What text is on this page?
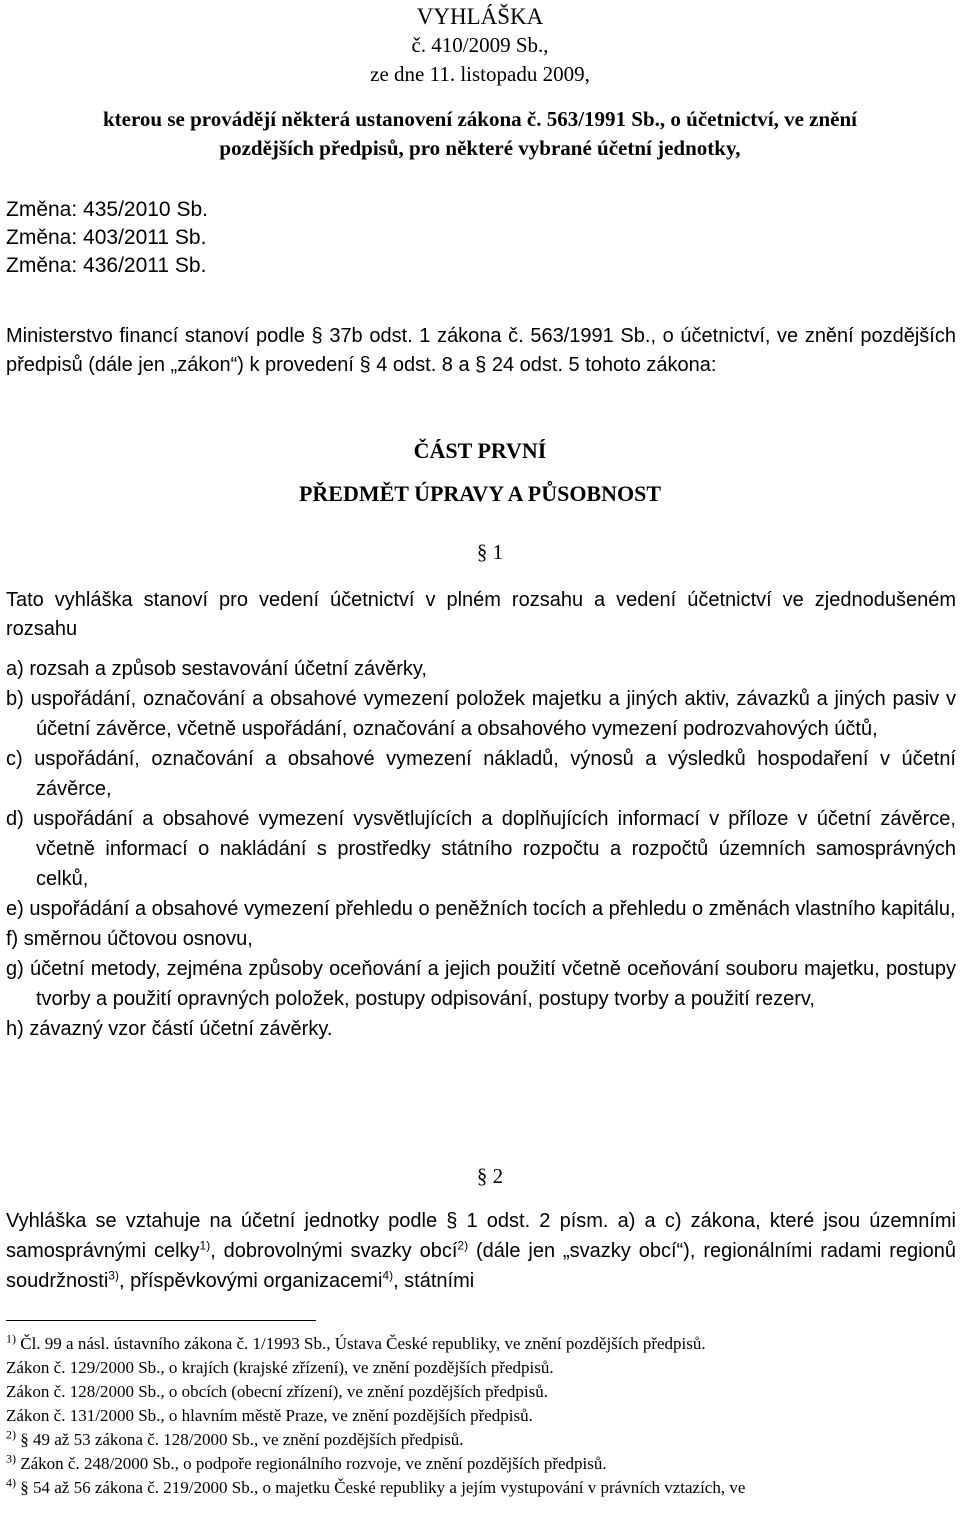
VYHLÁŠKA
č. 410/2009 Sb.,
ze dne 11. listopadu 2009,
kterou se provádějí některá ustanovení zákona č. 563/1991 Sb., o účetnictví, ve znění
pozdějších předpisů, pro některé vybrané účetní jednotky,
Změna: 435/2010 Sb.
Změna: 403/2011 Sb.
Změna: 436/2011 Sb.
Ministerstvo financí stanoví podle § 37b odst. 1 zákona č. 563/1991 Sb., o účetnictví, ve znění pozdějších předpisů (dále jen „zákon“) k provedení § 4 odst. 8 a § 24 odst. 5 tohoto zákona:
ČÁST PRVNÍ
PŘEDMĚT ÚPRAVY A PŮSOBNOST
§ 1
Tato vyhláška stanoví pro vedení účetnictví v plném rozsahu a vedení účetnictví ve zjednodušeném rozsahu

a) rozsah a způsob sestavování účetní závěrky,

b) uspořádání, označování a obsahové vymezení položek majetku a jiných aktiv, závazků a jiných pasiv v účetní závěrce, včetně uspořádání, označování a obsahového vymezení podrozvahových účtů,

c) uspořádání, označování a obsahové vymezení nákladů, výnosů a výsledků hospodaření v účetní závěrce,

d) uspořádání a obsahové vymezení vysvětlujících a doplňujících informací v příloze v účetní závěrce, včetně informací o nakládání s prostředky státního rozpočtu a rozpočtů územních samosprávných celků,

e) uspořádání a obsahové vymezení přehledu o peněžních tocích a přehledu o změnách vlastního kapitálu,

f) směrnou účtovou osnovu,

g) účetní metody, zejména způsoby oceňování a jejich použití včetně oceňování souboru majetku, postupy tvorby a použití opravných položek, postupy odpisování, postupy tvorby a použití rezerv,

h) závazný vzor částí účetní závěrky.

§ 2
Vyhláška se vztahuje na účetní jednotky podle § 1 odst. 2 písm. a) a c) zákona, které jsou územními samosprávnými celky$^{1)}$, dobrovolnými svazky obcí$^{2)}$ (dále jen „svazky obcí“), regionálními radami regionů soudržnosti$^{3)}$, příspěvkovými organizacemi$^{4)}$, státními
$^{1)}$ Čl. 99 a násl. ústavního zákona č. 1/1993 Sb., Ústava České republiky, ve znění pozdějších předpisů.
Zákon č. 129/2000 Sb., o krajích (krajské zřízení), ve znění pozdějších předpisů.
Zákon č. 128/2000 Sb., o obcích (obecní zřízení), ve znění pozdějších předpisů.
Zákon č. 131/2000 Sb., o hlavním městě Praze, ve znění pozdějších předpisů.
$^{2)}$ § 49 až 53 zákona č. 128/2000 Sb., ve znění pozdějších předpisů.
$^{3)}$ Zákon č. 248/2000 Sb., o podpoře regionálního rozvoje, ve znění pozdějších předpisů.
$^{4)}$ § 54 až 56 zákona č. 219/2000 Sb., o majetku České republiky a jejím vystupování v právních vztazích, ve
